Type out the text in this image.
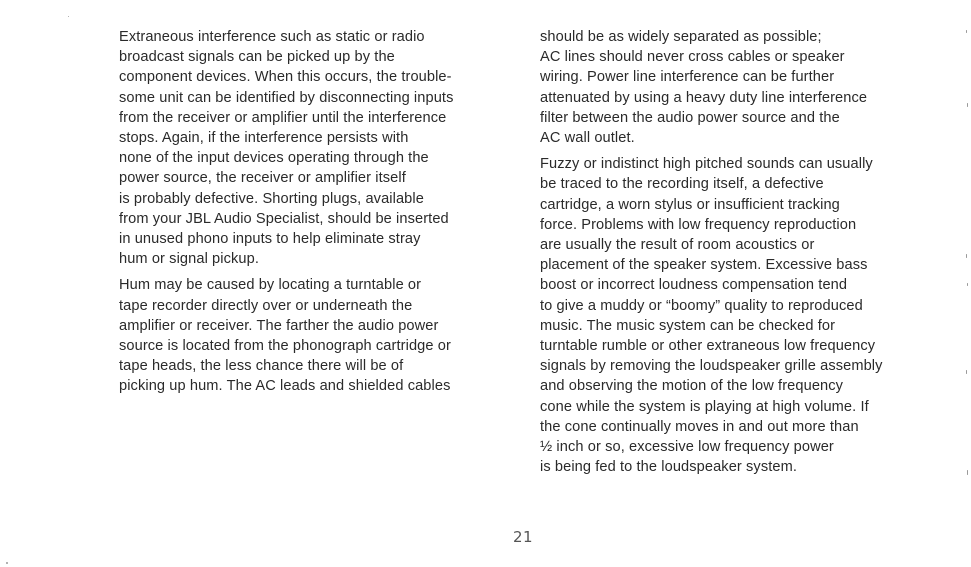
Extraneous interference such as static or radio
broadcast signals can be picked up by the
component devices. When this occurs, the trouble-
some unit can be identified by disconnecting inputs
from the receiver or amplifier until the interference
stops. Again, if the interference persists with
none of the input devices operating through the
power source, the receiver or amplifier itself
is probably defective. Shorting plugs, available
from your JBL Audio Specialist, should be inserted
in unused phono inputs to help eliminate stray
hum or signal pickup.

Hum may be caused by locating a turntable or
tape recorder directly over or underneath the
amplifier or receiver. The farther the audio power
source is located from the phonograph cartridge or
tape heads, the less chance there will be of
picking up hum. The AC leads and shielded cables

should be as widely separated as possible;
AC lines should never cross cables or speaker
wiring. Power line interference can be further
attenuated by using a heavy duty line interference
filter between the audio power source and the
AC wall outlet.

Fuzzy or indistinct high pitched sounds can usually
be traced to the recording itself, a defective
cartridge, a worn stylus or insufficient tracking
force. Problems with low frequency reproduction
are usually the result of room acoustics or
placement of the speaker system. Excessive bass
boost or incorrect loudness compensation tend
to give a muddy or “boomy” quality to reproduced
music. The music system can be checked for
turntable rumble or other extraneous low frequency
signals by removing the loudspeaker grille assembly
and observing the motion of the low frequency
cone while the system is playing at high volume. If
the cone continually moves in and out more than
½ inch or so, excessive low frequency power
is being fed to the loudspeaker system.

21
